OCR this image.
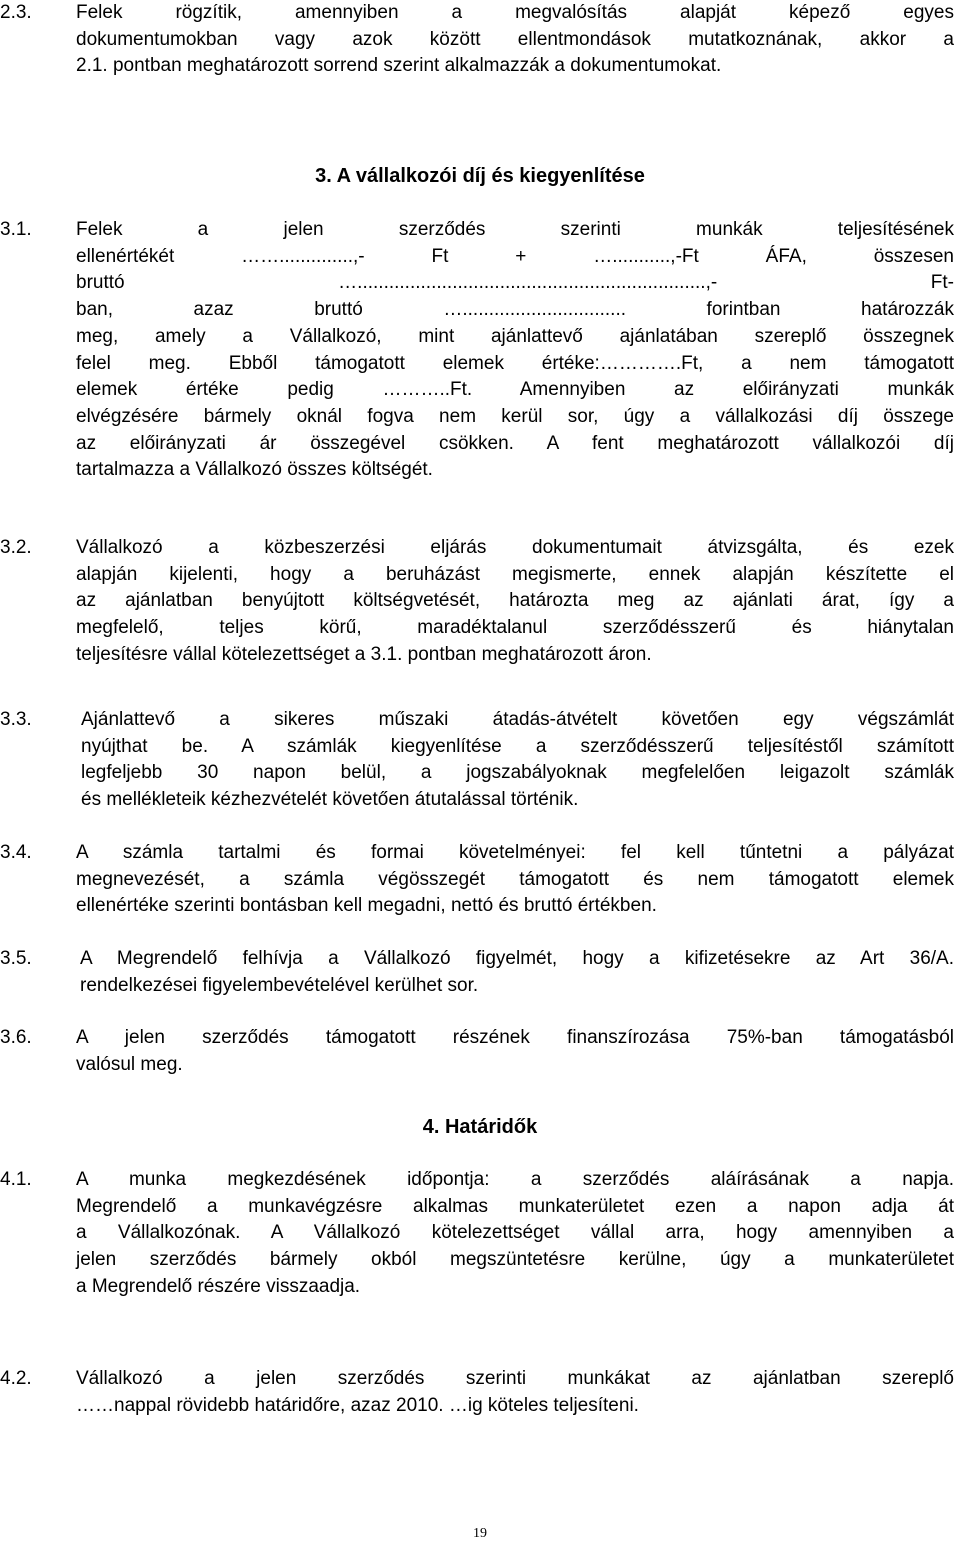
2.3. Felek rögzítik, amennyiben a megvalósítás alapját képező egyes
dokumentumokban vagy azok között ellentmondások mutatkoznának, akkor a
2.1. pontban meghatározott sorrend szerint alkalmazzák a dokumentumokat.
3. A vállalkozói díj és kiegyenlítése
3.1. Felek a jelen szerződés szerinti munkák teljesítésének
ellenértékét ……..............,- Ft + …...........,-Ft ÁFA, összesen
bruttó …..................................................................,- Ft-
ban, azaz bruttó …............................... forintban határozzák
meg, amely a Vállalkozó, mint ajánlattevő ajánlatában szereplő összegnek
felel meg. Ebből támogatott elemek értéke:………….Ft, a nem támogatott
elemek értéke pedig ………..Ft. Amennyiben az előirányzati munkák
elvégzésére bármely oknál fogva nem kerül sor, úgy a vállalkozási díj összege
az előirányzati ár összegével csökken. A fent meghatározott vállalkozói díj
tartalmazza a Vállalkozó összes költségét.
3.2. Vállalkozó a közbeszerzési eljárás dokumentumait átvizsgálta, és ezek
alapján kijelenti, hogy a beruházást megismerte, ennek alapján készítette el
az ajánlatban benyújtott költségvetését, határozta meg az ajánlati árat, így a
megfelelő, teljes körű, maradéktalanul szerződésszerű és hiánytalan
teljesítésre vállal kötelezettséget a 3.1. pontban meghatározott áron.
3.3.	Ajánlattevő a sikeres műszaki átadás-átvételt követően egy végszámlát
nyújthat be. A számlák kiegyenlítése a szerződésszerű teljesítéstől számított
legfeljebb 30 napon belül, a jogszabályoknak megfelelően leigazolt számlák
és mellékleteik kézhezvételét követően átutalással történik.
3.4. A számla tartalmi és formai követelményei: fel kell tűntetni a pályázat
megnevezését, a számla végösszegét támogatott és nem támogatott elemek
ellenértéke szerinti bontásban kell megadni, nettó és bruttó értékben.
3.5.	A Megrendelő felhívja a Vállalkozó figyelmét, hogy a kifizetésekre az Art 36/A.
rendelkezései figyelembevételével kerülhet sor.
3.6. A jelen szerződés támogatott részének finanszírozása 75%-ban támogatásból
valósul meg.
4. Határidők
4.1. A munka megkezdésének időpontja: a szerződés aláírásának a napja.
Megrendelő a munkavégzésre alkalmas munkaterületet ezen a napon adja át
a Vállalkozónak. A Vállalkozó kötelezettséget vállal arra, hogy amennyiben a
jelen szerződés bármely okból megszüntetésre kerülne, úgy a munkaterületet
a Megrendelő részére visszaadja.
4.2. Vállalkozó a jelen szerződés szerinti munkákat az ajánlatban szereplő
……nappal rövidebb határidőre, azaz 2010. …ig köteles teljesíteni.
19
